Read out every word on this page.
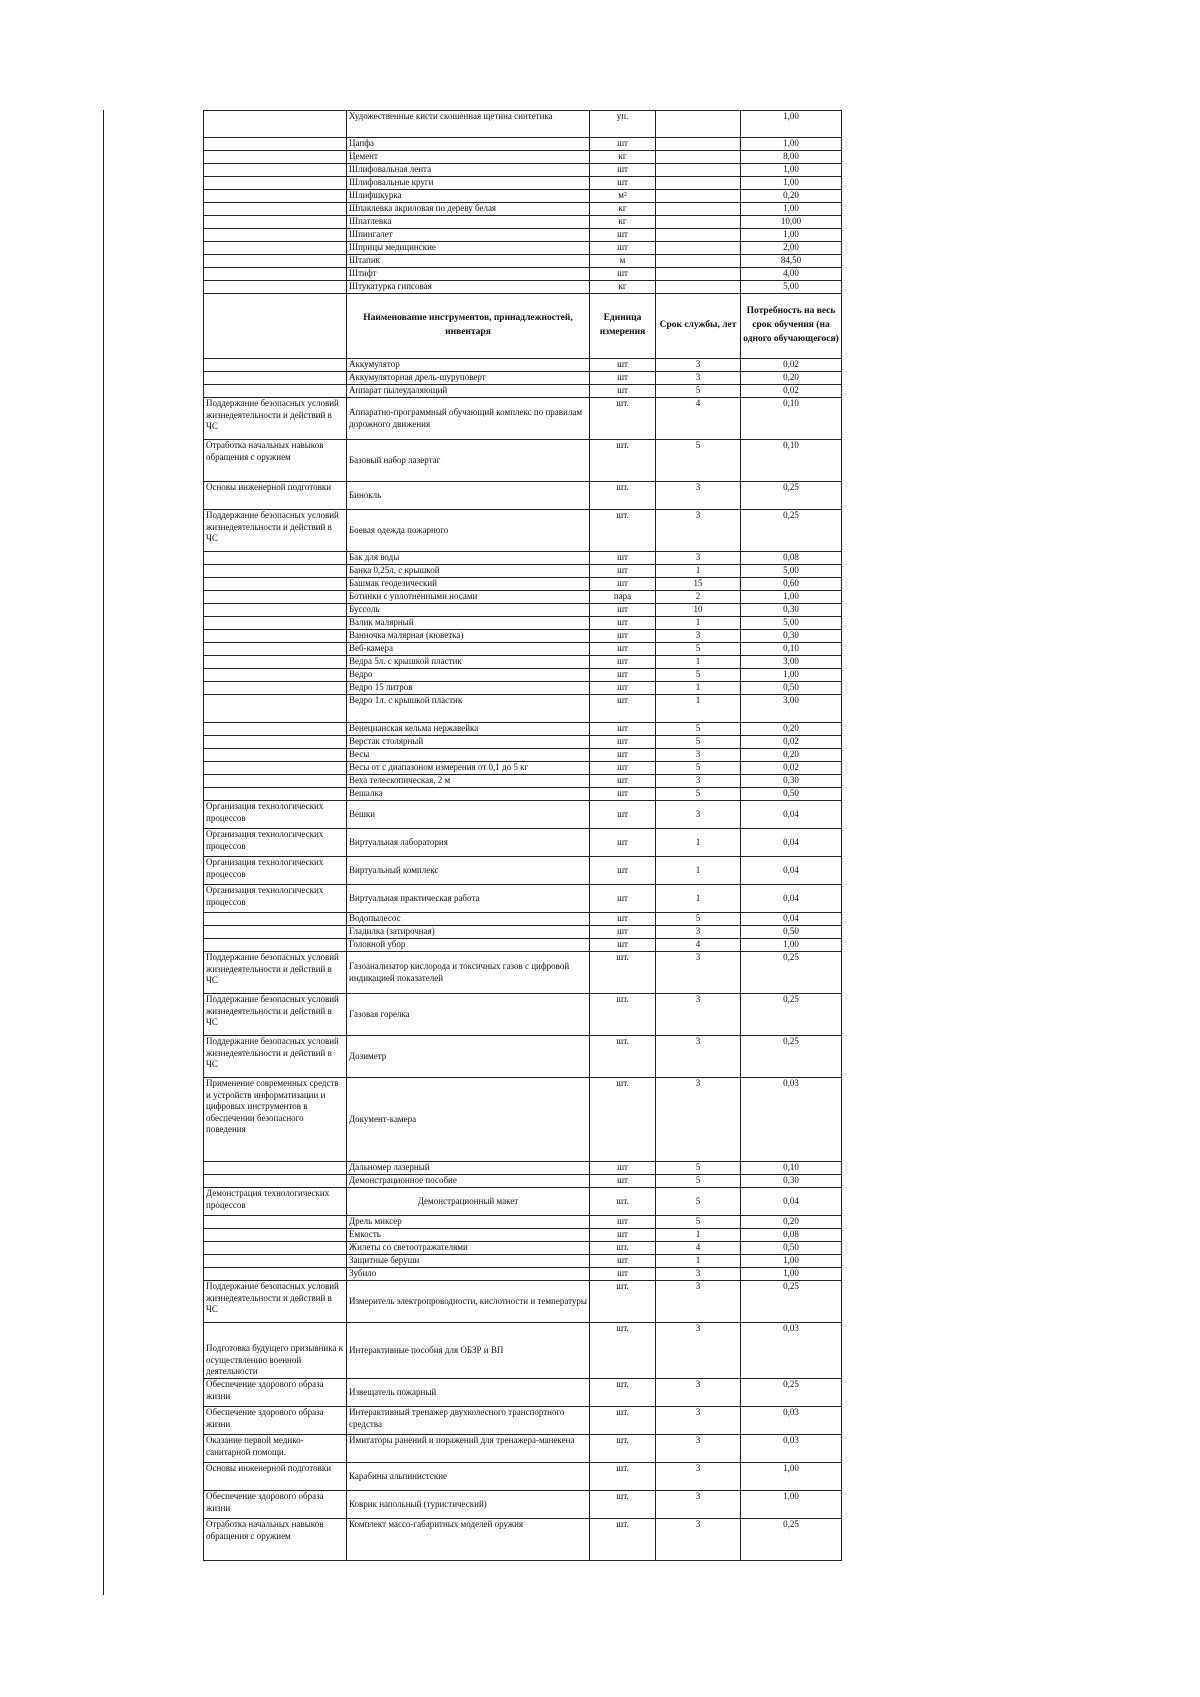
	Художественные кисти скошенная щетина синтетика	уп.		1,00
	Цапфа	шт		1,00
	Цемент	кг		8,00
	Шлифовальная лента	шт		1,00
	Шлифовальные круги	шт		1,00
	Шлифшкурка	м²		0,20
	Шпаклевка акриловая по дереву белая	кг		1,00
	Шпатлевка	кг		10,00
	Шпингалет	шт		1,00
	Шприцы медицинские	шт		2,00
	Штапик	м		84,50
	Штифт	шт		4,00
	Штукатурка гипсовая	кг		5,00
	Наименование инструментов, принадлежностей, инвентаря	Единица измерения	Срок службы, лет	Потребность на весь срок обучения (на одного обучающегося)
	Аккумулятор	шт	3	0,02
	Аккумуляторная дрель-шуруповерт	шт	3	0,20
	Аппарат пылеудаляющий	шт	5	0,02
Поддержание безопасных условий жизнедеятельности и действий в ЧС	Аппаратно-программный обучающий комплекс по правилам дорожного движения	шт.	4	0,10
Отработка начальных навыков обращения с оружием	Базовый набор лазертаг	шт.	5	0,10
Основы инженерной подготовки	Бинокль	шт.	3	0,25
Поддержание безопасных условий жизнедеятельности и действий в ЧС	Боевая одежда пожарного	шт.	3	0,25
	Бак для воды	шт	3	0,08
	Банка 0,25л. с крышкой	шт	1	5,00
	Башмак геодезический	шт	15	0,60
	Ботинки с уплотненными носами	пара	2	1,00
	Буссоль	шт	10	0,30
	Валик малярный	шт	1	5,00
	Ванночка малярная (кюветка)	шт	3	0,30
	Веб-камера	шт	5	0,10
	Ведра 5л. с крышкой пластик	шт	1	3,00
	Ведро	шт	5	1,00
	Ведро 15 литров	шт	1	0,50
	Ведро 1л. с крышкой пластик	шт	1	3,00
	Венецианская кельма нержавейка	шт	5	0,20
	Верстак столярный	шт	5	0,02
	Весы	шт	3	0,20
	Весы от с диапазоном измерения от 0,1 до 5 кг	шт	5	0,02
	Веха телескопическая, 2 м	шт	3	0,30
	Вешалка	шт	5	0,50
Организация технологических процессов	Вешки	шт	3	0,04
Организация технологических процессов	Виртуальная лаборатория	шт	1	0,04
Организация технологических процессов	Виртуальный комплекс	шт	1	0,04
Организация технологических процессов	Виртуальная практическая работа	шт	1	0,04
	Водопылесос	шт	5	0,04
	Гладилка (затирочная)	шт	3	0,50
	Головной убор	шт	4	1,00
Поддержание безопасных условий жизнедеятельности и действий в ЧС	Газоанализатор кислорода и токсичных газов с цифровой индикацией показателей	шт.	3	0,25
Поддержание безопасных условий жизнедеятельности и действий в ЧС	Газовая горелка	шт.	3	0,25
Поддержание безопасных условий жизнедеятельности и действий в ЧС	Дозиметр	шт.	3	0,25
Применение современных средств и устройств информатизации и цифровых инструментов в обеспечении безопасного поведения	Документ-камера	шт.	3	0,03
	Дальномер лазерный	шт	5	0,10
	Демонстрационное пособие	шт	5	0,30
Демонстрация технологических процессов	Демонстрационный макет	шт.	5	0,04
	Дрель миксер	шт	5	0,20
	Емкость	шт	1	0,08
	Жилеты со светоотражателями	шт.	4	0,50
	Защитные беруши	шт	1	1,00
	Зубило	шт	3	1,00
Поддержание безопасных условий жизнедеятельности и действий в ЧС	Измеритель электропроводности, кислотности и температуры	шт.	3	0,25
Подготовка будущего призывника к осуществлению военной деятельности	Интерактивные пособия для ОБЗР и ВП	шт.	3	0,03
Обеспечение здорового образа жизни	Извещатель пожарный	шт.	3	0,25
Обеспечение здорового образа жизни	Интерактивный тренажер двухколесного транспортного средства	шт.	3	0,03
Оказание первой медико-санитарной помощи.	Имитаторы ранений и поражений для тренажера-манекена	шт.	3	0,03
Основы инженерной подготовки	Карабины альпинистские	шт.	3	1,00
Обеспечение здорового образа жизни	Коврик напольный (туристический)	шт.	3	1,00
Отработка начальных навыков обращения с оружием	Комплект массо-габаритных моделей оружия	шт.	3	0,25
